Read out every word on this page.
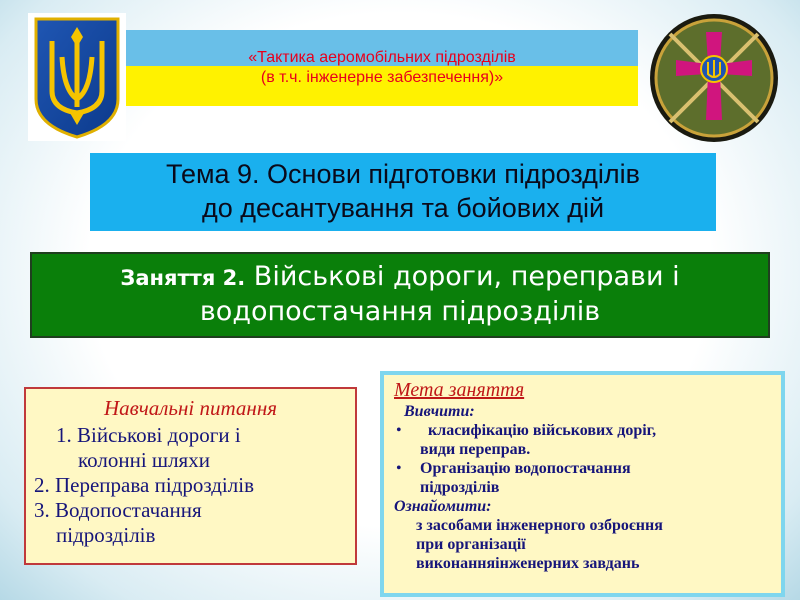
«Тактика аеромобільних підрозділів
(в т.ч. інженерне забезпечення)»
Тема 9. Основи підготовки підрозділів
до десантування та бойових дій
Заняття 2. Військові дороги, переправи і
водопостачання підрозділів
Навчальні питання
1. Військові дороги і
колонні шляхи
2. Переправа підрозділів
3. Водопостачання
підрозділів
Мета заняття
Вивчити:
•	класифікацію військових доріг,
види переправ.
•	Організацію водопостачання
підрозділів
Ознайомити:
з засобами інженерного озброєння
при організації
виконанняінженерних завдань
